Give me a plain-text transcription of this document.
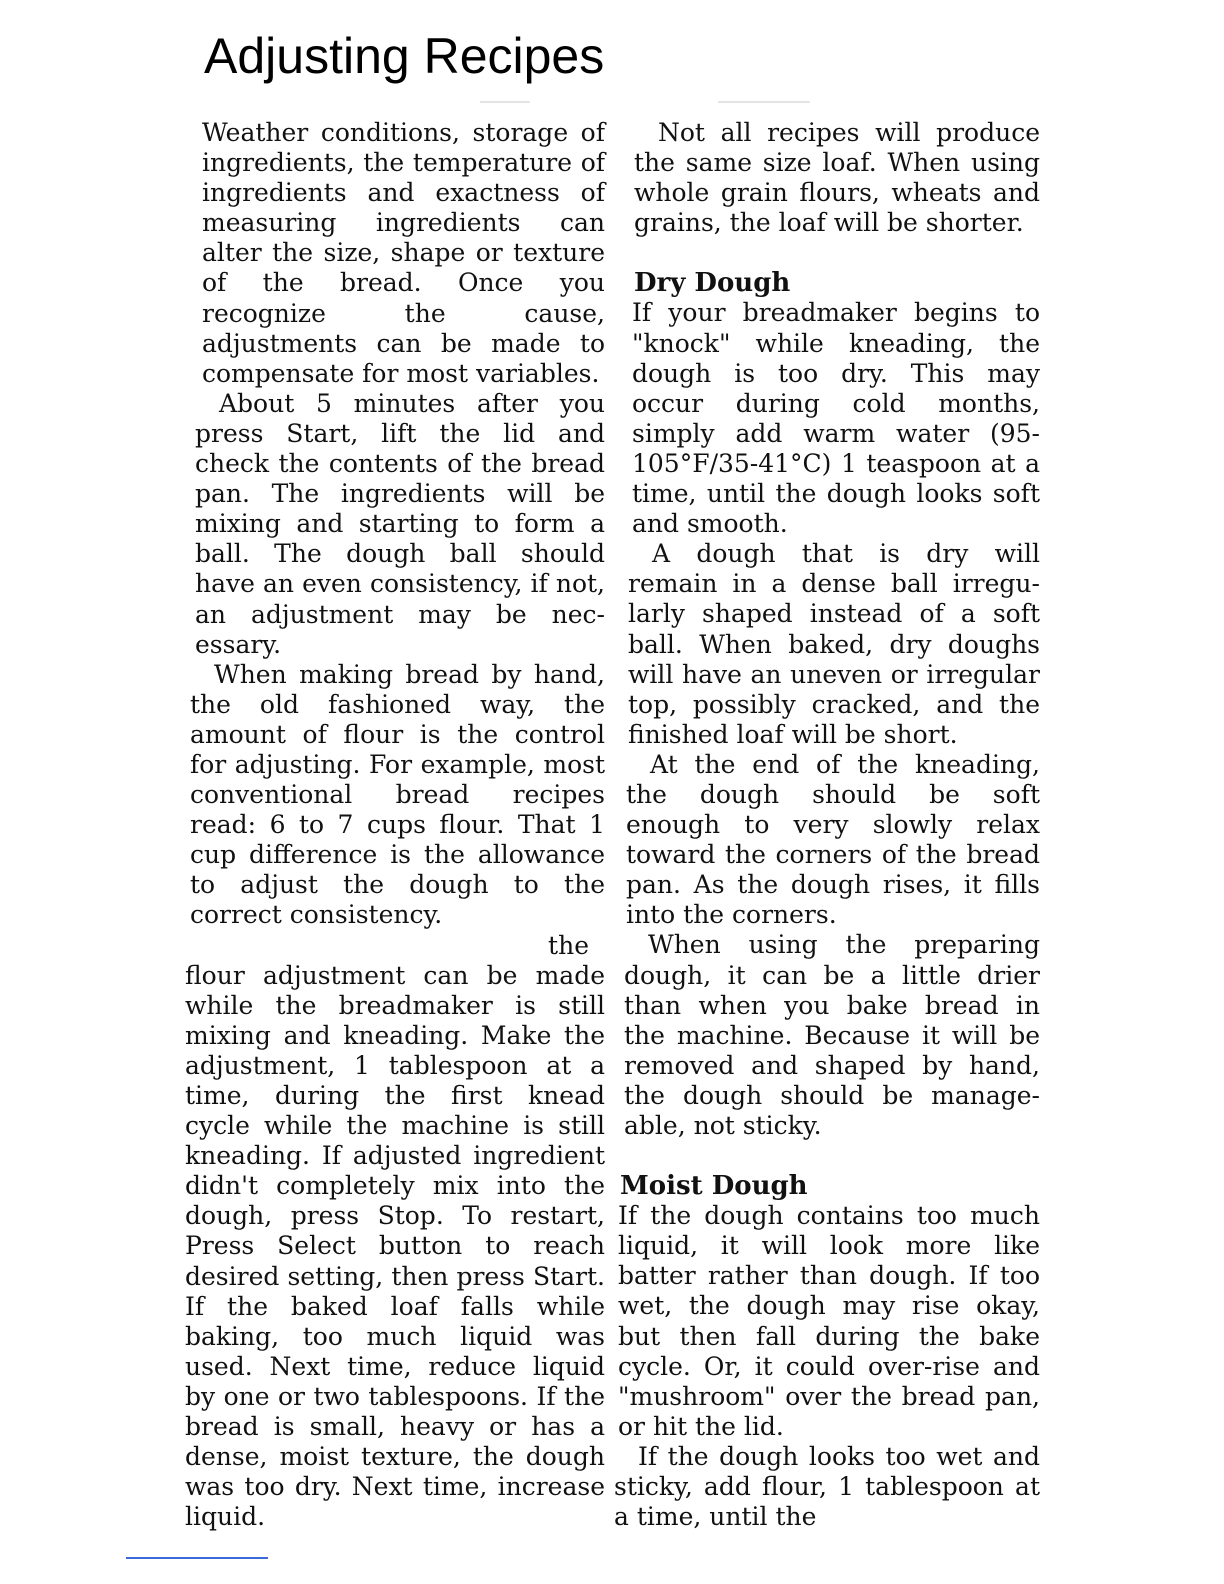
Adjusting Recipes

Weather conditions, storage of ingredients, the temperature of ingredients and exactness of measuring ingredients can alter the size, shape or texture of the bread. Once you recognize the cause, adjustments can be made to compensate for most variables.

About 5 minutes after you press Start, lift the lid and check the contents of the bread pan. The ingredients will be mixing and starting to form a ball. The dough ball should have an even consistency, if not, an adjustment may be necessary.

When making bread by hand, the old fashioned way, the amount of flour is the control for adjusting. For example, most conventional bread recipes read: 6 to 7 cups flour. That 1 cup difference is the allowance to adjust the dough to the correct consistency.

the

flour adjustment can be made while the breadmaker is still mixing and kneading. Make the adjustment, 1 tablespoon at a time, during the first knead cycle while the machine is still kneading. If adjusted ingredient didn't completely mix into the dough, press Stop. To restart, Press Select button to reach desired setting, then press Start. If the baked loaf falls while baking, too much liquid was used. Next time, reduce liquid by one or two tablespoons. If the bread is small, heavy or has a dense, moist texture, the dough was too dry. Next time, increase liquid.

Not all recipes will produce the same size loaf. When using whole grain flours, wheats and grains, the loaf will be shorter.

Dry Dough

If your breadmaker begins to "knock" while kneading, the dough is too dry. This may occur during cold months, simply add warm water (95-105°F/35-41°C) 1 teaspoon at a time, until the dough looks soft and smooth.

A dough that is dry will remain in a dense ball irregularly shaped instead of a soft ball. When baked, dry doughs will have an uneven or irregular top, possibly cracked, and the finished loaf will be short.

At the end of the kneading, the dough should be soft enough to very slowly relax toward the corners of the bread pan. As the dough rises, it fills into the corners.

When using the preparing dough, it can be a little drier than when you bake bread in the machine. Because it will be removed and shaped by hand, the dough should be manageable, not sticky.

Moist Dough

If the dough contains too much liquid, it will look more like batter rather than dough. If too wet, the dough may rise okay, but then fall during the bake cycle. Or, it could over-rise and "mushroom" over the bread pan, or hit the lid.

If the dough looks too wet and sticky, add flour, 1 tablespoon at a time, until the
